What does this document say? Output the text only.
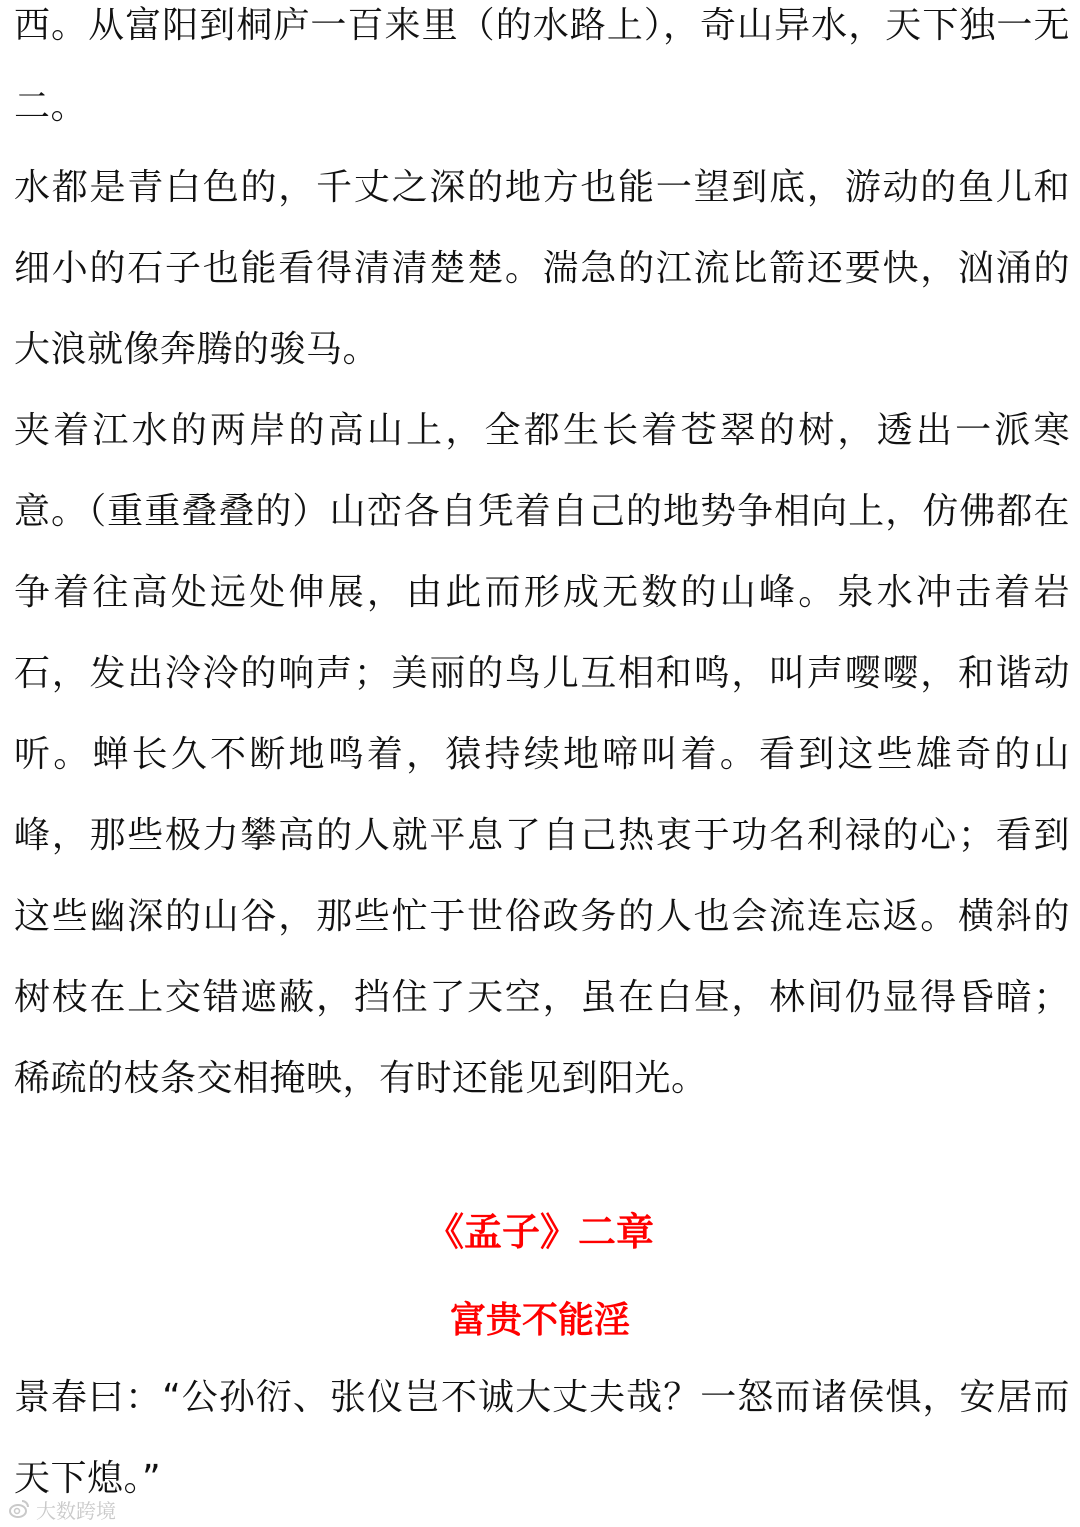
西。从富阳到桐庐一百来里（的水路上），奇山异水，天下独一无二。

水都是青白色的，千丈之深的地方也能一望到底，游动的鱼儿和细小的石子也能看得清清楚楚。湍急的江流比箭还要快，汹涌的大浪就像奔腾的骏马。

夹着江水的两岸的高山上，全都生长着苍翠的树，透出一派寒意。（重重叠叠的）山峦各自凭着自己的地势争相向上，仿佛都在争着往高处远处伸展，由此而形成无数的山峰。泉水冲击着岩石，发出泠泠的响声；美丽的鸟儿互相和鸣，叫声嘤嘤，和谐动听。蝉长久不断地鸣着，猿持续地啼叫着。看到这些雄奇的山峰，那些极力攀高的人就平息了自己热衷于功名利禄的心；看到这些幽深的山谷，那些忙于世俗政务的人也会流连忘返。横斜的树枝在上交错遮蔽，挡住了天空，虽在白昼，林间仍显得昏暗；稀疏的枝条交相掩映，有时还能见到阳光。

《孟子》二章
富贵不能淫

景春曰：“公孙衍、张仪岂不诚大丈夫哉？一怒而诸侯惧，安居而天下熄。”

大数跨境
